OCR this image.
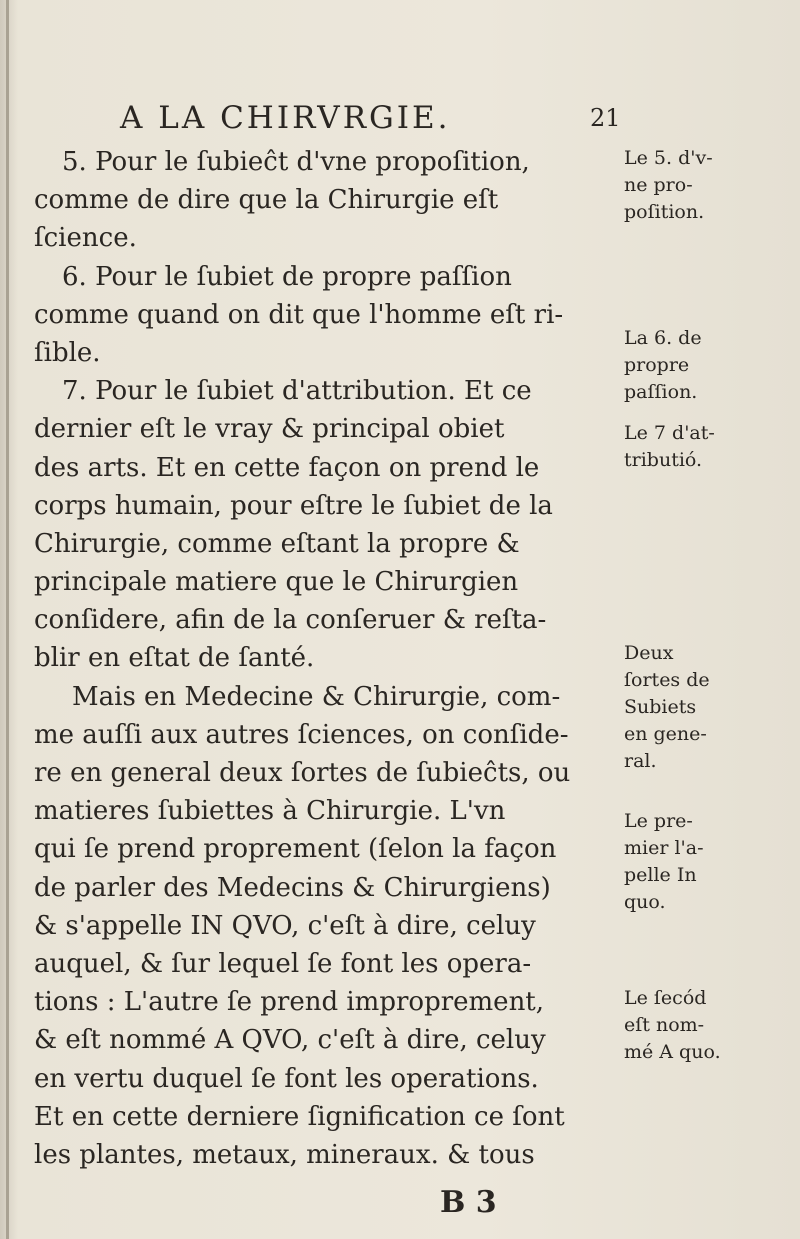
A LA CHIRVRGIE.	21
5. Pour le ſubieĉt d'vne propoſition,
comme de dire que la Chirurgie eſt
ſcience.
6. Pour le ſubiet de propre paſſion
comme quand on dit que l'homme eſt ri-
ſible.
7. Pour le ſubiet d'attribution. Et ce
dernier eſt le vray & principal obiet
des arts. Et en cette façon on prend le
corps humain, pour eſtre le ſubiet de la
Chirurgie, comme eſtant la propre &
principale matiere que le Chirurgien
conſidere, afin de la conſeruer & reſta-
blir en eſtat de ſanté.
Mais en Medecine & Chirurgie, com-
me auſſi aux autres ſciences, on conſide-
re en general deux ſortes de ſubieĉts, ou
matieres ſubiettes à Chirurgie. L'vn
qui ſe prend proprement (ſelon la façon
de parler des Medecins & Chirurgiens)
& s'appelle IN QVO, c'eſt à dire, celuy
auquel, & ſur lequel ſe font les opera-
tions : L'autre ſe prend improprement,
& eſt nommé A QVO, c'eſt à dire, celuy
en vertu duquel ſe font les operations.
Et en cette derniere ſignification ce ſont
les plantes, metaux, mineraux. & tous
Le 5. d'v-
ne pro-
poſition.
La 6. de
propre
paſſion.
Le 7 d'at-
tributió.
Deux
ſortes de
Subiets
en gene-
ral.
Le pre-
mier l'a-
pelle In
quo.
Le ſecód
eſt nom-
mé A quo.
B 3
